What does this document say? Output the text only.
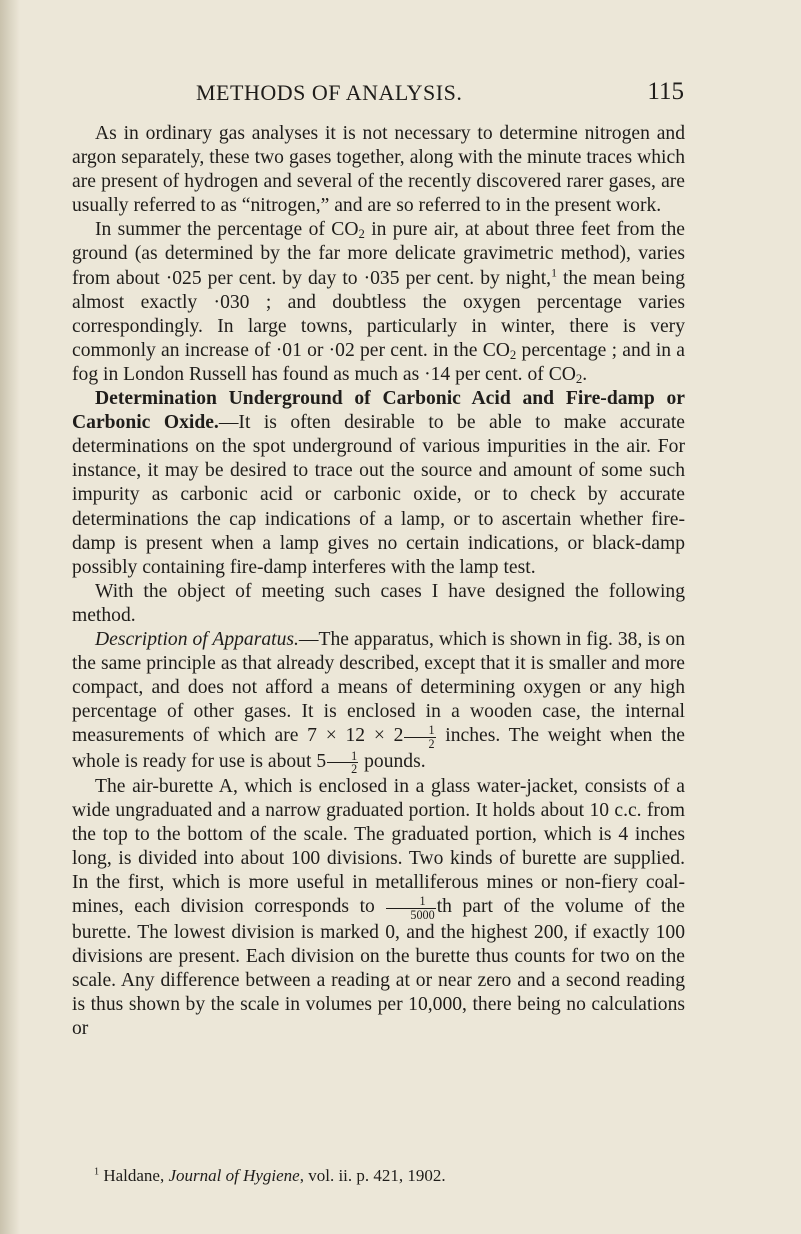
METHODS OF ANALYSIS.	115

As in ordinary gas analyses it is not necessary to determine nitrogen and argon separately, these two gases together, along with the minute traces which are present of hydrogen and several of the recently discovered rarer gases, are usually referred to as “nitrogen,” and are so referred to in the present work.

In summer the percentage of $CO_2$ in pure air, at about three feet from the ground (as determined by the far more delicate gravimetric method), varies from about ·025 per cent. by day to ·035 per cent. by night,$^1$ the mean being almost exactly ·030 ; and doubtless the oxygen percentage varies correspondingly. In large towns, particularly in winter, there is very commonly an increase of ·01 or ·02 per cent. in the $CO_2$ percentage ; and in a fog in London Russell has found as much as ·14 per cent. of $CO_2$.

Determination Underground of Carbonic Acid and Fire-damp or Carbonic Oxide.—It is often desirable to be able to make accurate determinations on the spot underground of various impurities in the air. For instance, it may be desired to trace out the source and amount of some such impurity as carbonic acid or carbonic oxide, or to check by accurate determinations the cap indications of a lamp, or to ascertain whether fire-damp is present when a lamp gives no certain indications, or black-damp possibly containing fire-damp interferes with the lamp test.

With the object of meeting such cases I have designed the following method.

Description of Apparatus.—The apparatus, which is shown in fig. 38, is on the same principle as that already described, except that it is smaller and more compact, and does not afford a means of determining oxygen or any high percentage of other gases. It is enclosed in a wooden case, the internal measurements of which are $7 \times 12 \times 2 \frac{1}{2}$ inches. The weight when the whole is ready for use is about $5 \frac{1}{2}$ pounds.

The air-burette A, which is enclosed in a glass water-jacket, consists of a wide ungraduated and a narrow graduated portion. It holds about 10 c.c. from the top to the bottom of the scale. The graduated portion, which is 4 inches long, is divided into about 100 divisions. Two kinds of burette are supplied. In the first, which is more useful in metalliferous mines or non-fiery coal-mines, each division corresponds to $\frac{1}{5000}$ th part of the volume of the burette. The lowest division is marked 0, and the highest 200, if exactly 100 divisions are present. Each division on the burette thus counts for two on the scale. Any difference between a reading at or near zero and a second reading is thus shown by the scale in volumes per 10,000, there being no calculations or

$^1$ Haldane, Journal of Hygiene, vol. ii. p. 421, 1902.
